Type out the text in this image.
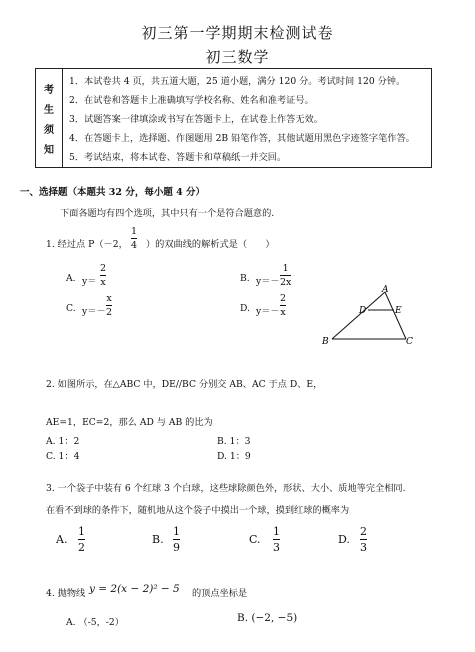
初三第一学期期末检测试卷
初三数学
考
生
须
知
1．本试卷共 4 页，共五道大题，25 道小题，满分 120 分。考试时间 120 分钟。
2．在试卷和答题卡上准确填写学校名称、姓名和准考证号。
3．试题答案一律填涂或书写在答题卡上，在试卷上作答无效。
4．在答题卡上，选择题、作图题用 2B 铅笔作答，其他试题用黑色字迹签字笔作答。
5．考试结束，将本试卷、答题卡和草稿纸一并交回。
一、选择题（本题共 32 分，每小题 4 分）
下面各题均有四个选项，其中只有一个是符合题意的.
1. 经过点 P（－2，
1
4 ）的双曲线的解析式是（　　）
A. y＝
2
x	B. y＝－
1
2x
C. y＝－
x
2	D. y＝－
2
x
A
B	C
D	E
2. 如图所示，在△ABC 中，DE//BC 分别交 AB、AC 于点 D、E，
AE=1，EC=2，那么 AD 与 AB 的比为
A. 1：2	B. 1：3
C. 1：4	D. 1：9
3. 一个袋子中装有 6 个红球 3 个白球，这些球除颜色外，形状、大小、质地等完全相同.
在看不到球的条件下，随机地从这个袋子中摸出一个球，摸到红球的概率为
A.
1
2
B.
1
9
C.
1
3
D.
2
3
4. 抛物线 y = 2(x − 2)² − 5 的顶点坐标是
A. （-5，-2）	B. (−2, −5)
